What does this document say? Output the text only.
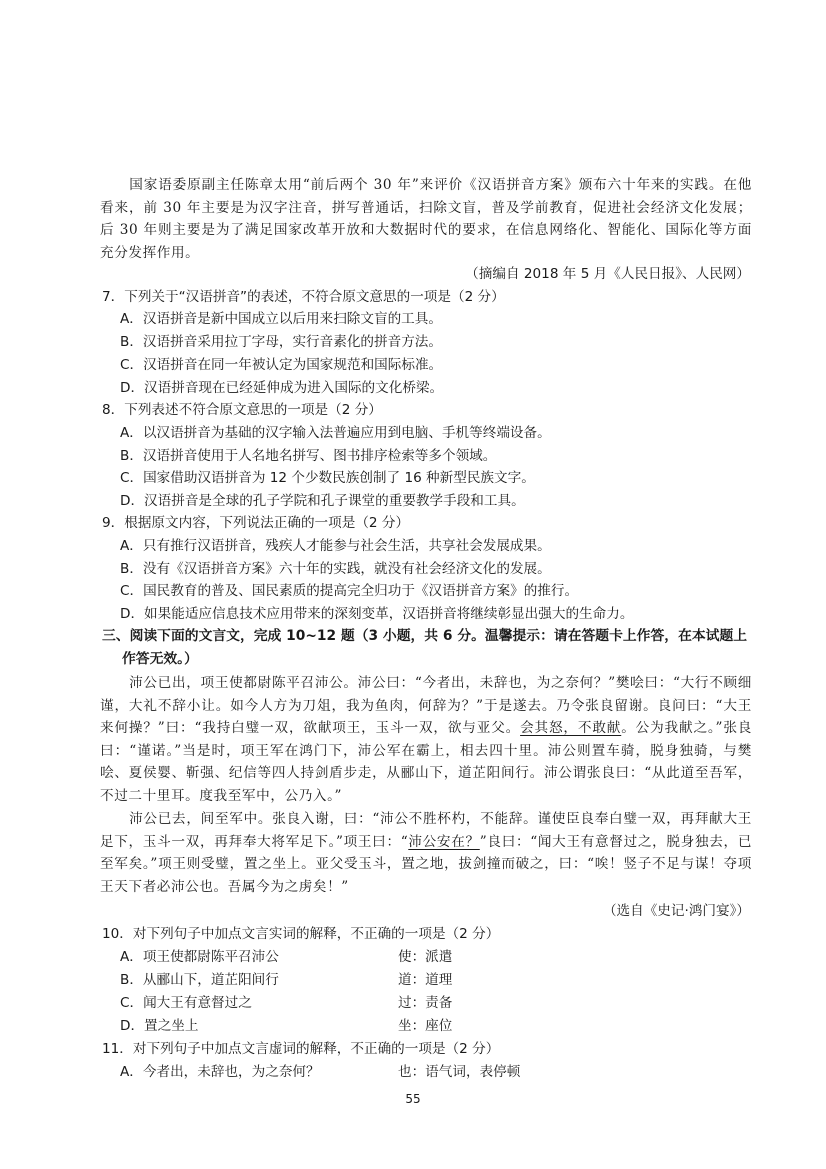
国家语委原副主任陈章太用“前后两个 30 年”来评价《汉语拼音方案》颁布六十年来的实践。在他看来，前 30 年主要是为汉字注音，拼写普通话，扫除文盲，普及学前教育，促进社会经济文化发展；后 30 年则主要是为了满足国家改革开放和大数据时代的要求，在信息网络化、智能化、国际化等方面充分发挥作用。

（摘编自 2018 年 5 月《人民日报》、人民网）
7．下列关于“汉语拼音”的表述，不符合原文意思的一项是（2 分）
A．汉语拼音是新中国成立以后用来扫除文盲的工具。
B．汉语拼音采用拉丁字母，实行音素化的拼音方法。
C．汉语拼音在同一年被认定为国家规范和国际标准。
D．汉语拼音现在已经延伸成为进入国际的文化桥梁。
8．下列表述不符合原文意思的一项是（2 分）
A．以汉语拼音为基础的汉字输入法普遍应用到电脑、手机等终端设备。
B．汉语拼音使用于人名地名拼写、图书排序检索等多个领域。
C．国家借助汉语拼音为 12 个少数民族创制了 16 种新型民族文字。
D．汉语拼音是全球的孔子学院和孔子课堂的重要教学手段和工具。
9．根据原文内容，下列说法正确的一项是（2 分）
A．只有推行汉语拼音，残疾人才能参与社会生活，共享社会发展成果。
B．没有《汉语拼音方案》六十年的实践，就没有社会经济文化的发展。
C．国民教育的普及、国民素质的提高完全归功于《汉语拼音方案》的推行。
D．如果能适应信息技术应用带来的深刻变革，汉语拼音将继续彰显出强大的生命力。
三、阅读下面的文言文，完成 10~12 题（3 小题，共 6 分。温馨提示：请在答题卡上作答，在本试题上
作答无效。）

沛公已出，项王使都尉陈平召沛公。沛公曰：“今者出，未辞也，为之奈何？”樊哙曰：“大行不顾细谨，大礼不辞小让。如今人方为刀俎，我为鱼肉，何辞为？”于是遂去。乃令张良留谢。良问曰：“大王来何操？”曰：“我持白璧一双，欲献项王，玉斗一双，欲与亚父。会其怒，不敢献。公为我献之。”张良曰：“谨诺。”当是时，项王军在鸿门下，沛公军在霸上，相去四十里。沛公则置车骑，脱身独骑，与樊哙、夏侯婴、靳强、纪信等四人持剑盾步走，从郦山下，道芷阳间行。沛公谓张良曰：“从此道至吾军，不过二十里耳。度我至军中，公乃入。”

沛公已去，间至军中。张良入谢，曰：“沛公不胜杯杓，不能辞。谨使臣良奉白璧一双，再拜献大王足下，玉斗一双，再拜奉大将军足下。”项王曰：“沛公安在？”良曰：“闻大王有意督过之，脱身独去，已至军矣。”项王则受璧，置之坐上。亚父受玉斗，置之地，拔剑撞而破之，曰：“唉！竖子不足与谋！夺项王天下者必沛公也。吾属今为之虏矣！”

（选自《史记·鸿门宴》）
10．对下列句子中加点文言实词的解释，不正确的一项是（2 分）
A．项王使都尉陈平召沛公	使：派遣
B．从郦山下，道芷阳间行	道：道理
C．闻大王有意督过之	过：责备
D．置之坐上	坐：座位
11．对下列句子中加点文言虚词的解释，不正确的一项是（2 分）
A．今者出，未辞也，为之奈何？	也：语气词，表停顿
55
